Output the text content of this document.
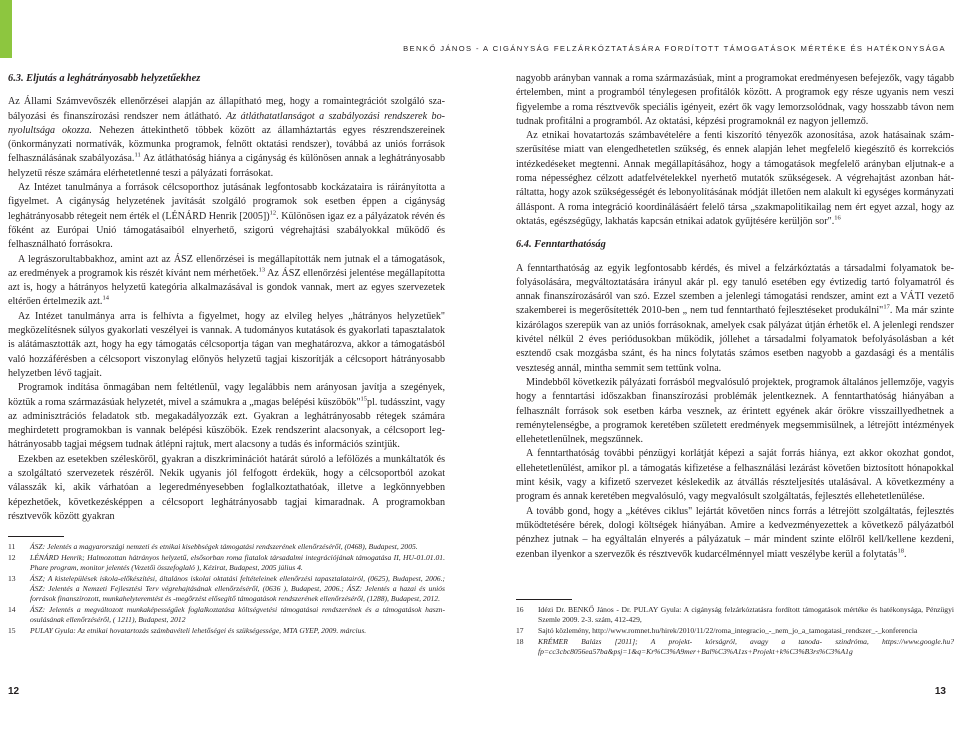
BENKŐ JÁNOS - A CIGÁNYSÁG FELZÁRKÓZTATÁSÁRA FORDÍTOTT TÁMOGATÁSOK MÉRTÉKE ÉS HATÉKONYSÁGA
6.3. Eljutás a leghátrányosabb helyzetűekhez

Az Állami Számvevőszék ellenőrzései alapján az állapítható meg, hogy a romaintegrációt szolgáló szabályozási és finanszírozási rendszer nem átlátható. Az átláthatatlanságot a szabályozási rendszerek bonyolultsága okozza. Nehezen áttekinthető többek között az államháztartás egyes részrendszereinek (önkormányzati normatívák, közmunka programok, felnőtt oktatási rendszer), továbbá az uniós források felhasználásának szabályozása.$^{11}$ Az átláthatóság hiánya a cigányság és különösen annak a leghátrányosabb helyzetű része számára elérhetetlenné teszi a pályázati forrásokat.

Az Intézet tanulmánya a források célcsoporthoz jutásának legfontosabb kockázataira is ráirányította a figyelmet. A cigányság helyzetének javítását szolgáló programok sok esetben éppen a cigányság leghátrányosabb rétegeit nem érték el (LÉNÁRD Henrik [2005])$^{12}$. Különösen igaz ez a pályázatok révén és főként az Európai Unió támogatásaiból elnyerhető, szigorú végrehajtási szabályokkal működő és felhasználható forrásokra.

A legrászorultabbakhoz, amint azt az ÁSZ ellenőrzései is megállapították nem jutnak el a támogatások, az eredmények a programok kis részét kívánt nem mérhetőek.$^{13}$ Az ÁSZ ellenőrzési jelentése megállapította azt is, hogy a hátrányos helyzetű kategória alkalmazásával is gondok vannak, mert az egyes szervezetek eltérően értelmezik azt.$^{14}$

Az Intézet tanulmánya arra is felhívta a figyelmet, hogy az elvileg helyes „hátrányos helyzetűek" megközelítésnek súlyos gyakorlati veszélyei is vannak. A tudományos kutatások és gyakorlati tapasztalatok is alátámasztották azt, hogy ha egy támogatás célcsoportja tágan van meghatározva, akkor a támogatásból való hozzáférésben a célcsoport viszonylag előnyös helyzetű tagjai kiszorítják a célcsoport hátrányosabb helyzetben lévő tagjait.

Programok indítása önmagában nem feltétlenül, vagy legalábbis nem arányosan javítja a szegények, köztük a roma származásúak helyzetét, mivel a számukra a „magas belépési küszöbök"$^{15}$pl. tudásszint, vagy az adminisztrációs feladatok stb. megakadályozzák ezt. Gyakran a leghátrányosabb rétegek számára meghirdetett programokban is vannak belépési küszöbök. Ezek rendszerint alacsonyak, a célcsoport leghátrányosabb tagjai mégsem tudnak átlépni rajtuk, mert alacsony a tudás és információs szintjük.

Ezekben az esetekben szélesköről, gyakran a diszkriminációt határát súroló a lefölözés a munkáltatók és a szolgáltató szervezetek részéről. Nekik ugyanis jól felfogott érdekük, hogy a célcsoportból azokat válasszák ki, akik várhatóan a legeredményesebben foglalkoztathatóak, illetve a legkönnyebben képezhetőek, következésképpen a célcsoport leghátrányosabb tagjai kimaradnak. A programokban résztvevők között gyakran

11	ÁSZ: Jelentés a magyarországi nemzeti és etnikai kisebbségek támogatási rendszerének ellenőrzéséről, (0468), Budapest, 2005.
12	LÉNÁRD Henrik; Halmozottan hátrányos helyzetű, elsősorban roma fiatalok társadalmi integrációjának támogatása II, HU-01.01.01. Phare program, monitor jelentés (Vezetői összefoglaló ), Kézirat, Budapest, 2005 július 4.
13	ÁSZ; A kistelepülések iskola-előkészítési, általános iskolai oktatási feltételeinek ellenőrzési tapasztalatairól, (0625), Budapest, 2006.; ÁSZ: Jelentés a Nemzeti Fejlesztési Terv végrehajtásának ellenőrzéséről, (0636 ), Budapest, 2006.; ÁSZ: Jelentés a hazai és uniós források finanszírozott, munkahelyteremtést és -megőrzést elősegítő támogatások rendszerének ellenőrzéséről, (1288), Budapest, 2012.
14	ÁSZ: Jelentés a megváltozott munkaképességűek foglalkoztatása költségvetési támogatásai rendszerének és a támogatások hasznosulásának ellenőrzéséről, ( 1211), Budapest, 2012
15	PULAY Gyula: Az etnikai hovatartozás számbavételi lehetőségei és szükségessége, MTA GYEP, 2009. március.

nagyobb arányban vannak a roma származásúak, mint a programokat eredményesen befejezők, vagy tágabb értelemben, mint a programból ténylegesen profitálók között. A programok egy része ugyanis nem veszi figyelembe a roma résztvevők speciális igényeit, ezért ők vagy lemorzsolódnak, vagy hosszabb távon nem tudnak profitálni a programból. Az oktatási, képzési programoknál ez nagyon jellemző.

Az etnikai hovatartozás számbavételére a fenti kiszorító tényezők azonosítása, azok hatásainak számszerűsítése miatt van elengedhetetlen szükség, és ennek alapján lehet megfelelő kiegészítő és korrekciós intézkedéseket megtenni. Annak megállapításához, hogy a támogatások megfelelő arányban eljutnak-e a roma népességhez célzott adatfelvételekkel nyerhető mutatók szükségesek. A végrehajtást azonban hátráltatta, hogy azok szükségességét és lebonyolításának módját illetően nem alakult ki egységes kormányzati álláspont. A roma integráció koordinálásáért felelő társa „szakmapolitikailag nem ért egyet azzal, hogy az oktatás, egészségügy, lakhatás kapcsán etnikai adatok gyűjtésére kerüljön sor".$^{16}$

6.4. Fenntarthatóság

A fenntarthatóság az egyik legfontosabb kérdés, és mivel a felzárkóztatás a társadalmi folyamatok befolyásolására, megváltoztatására irányul akár pl. egy tanuló esetében egy évtizedig tartó folyamatról és annak finanszírozásáról van szó. Ezzel szemben a jelenlegi támogatási rendszer, amint ezt a VÁTI vezető szakemberei is megerősítették 2010-ben „ nem tud fenntartható fejlesztéseket produkálni"$^{17}$. Ma már szinte kizárólagos szerepük van az uniós forrásoknak, amelyek csak pályázat útján érhetők el. A jelenlegi rendszer kivétel nélkül 2 éves periódusokban működik, jóllehet a társadalmi folyamatok befolyásolásban a két esztendő csak mozgásba szánt, és ha nincs folytatás számos esetben nagyobb a gazdasági és a mentális veszteség annál, mintha semmit sem tettünk volna.

Mindebből következik pályázati forrásból megvalósuló projektek, programok általános jellemzője, vagyis hogy a fenntartási időszakban finanszírozási problémák jelentkeznek. A fenntarthatóság hiányában a felhasznált források sok esetben kárba vesznek, az érintett egyének akár örökre visszaillyedhetnek a reménytelenségbe, a programok keretében született eredmények megsemmisülnek, a létrejött intézmények ellehetetlenülnek, megszűnnek.

A fenntarthatóság további pénzügyi korlátját képezi a saját forrás hiánya, ezt akkor okozhat gondot, ellehetetlenülést, amikor pl. a támogatás kifizetése a felhasználási lezárást követően biztosított hónapokkal mint késik, vagy a kifizető szervezet késlekedik az átvállás részteljesítés utalásával. A következmény a program és annak keretében megvalósuló, vagy megvalósult szolgáltatás, fejlesztés ellehetetlenülése.

A tovább gond, hogy a „kétéves ciklus" lejártát követően nincs forrás a létrejött szolgáltatás, fejlesztés működtetésére bérek, dologi költségek hiányában. Amire a kedvezményezettek a következő pályázatból pénzhez jutnak – ha egyáltalán elnyerés a pályázatuk – már mindent szinte előlről kell/kellene kezdeni, ezenban ilyenkor a szervezők és résztvevők kudarcélménnyel miatt veszélybe kerül a folytatás$^{18}$.

16	Idézi Dr. BENKŐ János - Dr. PULAY Gyula: A cigányság felzárkóztatásra fordított támogatások mértéke és hatékonysága, Pénzügyi Szemle 2009. 2-3. szám, 412-429,
17	Sajtó közlemény, http://www.romnet.hu/hirek/2010/11/22/roma_integracio_-_nem_jo_a_tamogatasi_rendszer_-_konferencia
18	KRÉMER Balázs [2011]; A projekt- kórságról, avagy a tanoda- szindróma, https://www.google.hu?fp=cc3cbc8056ea57ba&psj=1&q=Kr%C3%A9mer+Bal%C3%A1zs+Projekt+k%C3%B3rs%C3%A1g
12	13
